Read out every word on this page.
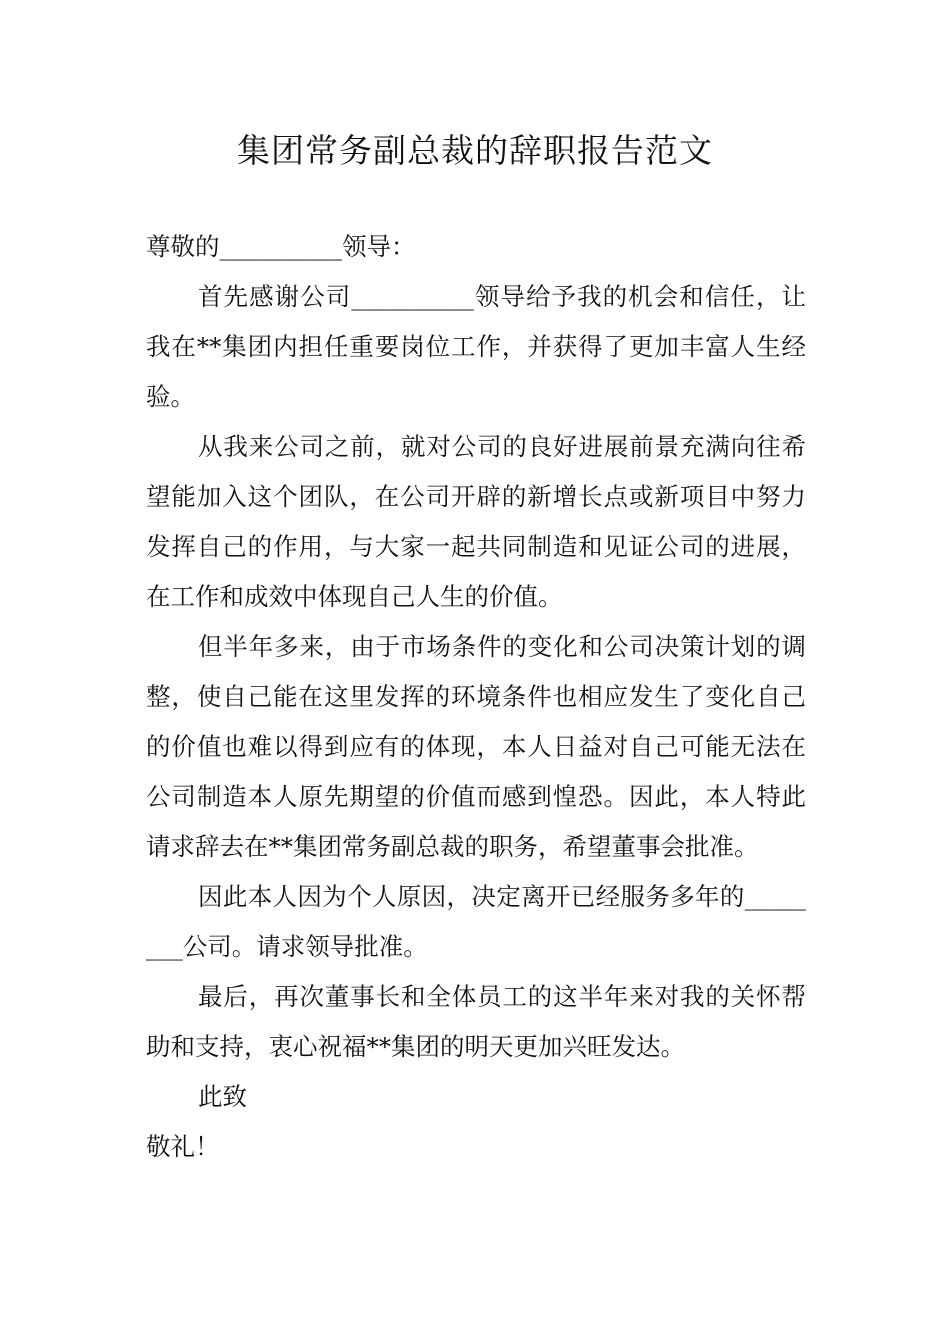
集团常务副总裁的辞职报告范文

尊敬的__________领导：

首先感谢公司__________领导给予我的机会和信任，让我在**集团内担任重要岗位工作，并获得了更加丰富人生经验。

从我来公司之前，就对公司的良好进展前景充满向往希望能加入这个团队，在公司开辟的新增长点或新项目中努力发挥自己的作用，与大家一起共同制造和见证公司的进展，在工作和成效中体现自己人生的价值。

但半年多来，由于市场条件的变化和公司决策计划的调整，使自己能在这里发挥的环境条件也相应发生了变化自己的价值也难以得到应有的体现，本人日益对自己可能无法在公司制造本人原先期望的价值而感到惶恐。因此，本人特此请求辞去在**集团常务副总裁的职务，希望董事会批准。

因此本人因为个人原因，决定离开已经服务多年的________公司。请求领导批准。

最后，再次董事长和全体员工的这半年来对我的关怀帮助和支持，衷心祝福**集团的明天更加兴旺发达。

此致

敬礼！
